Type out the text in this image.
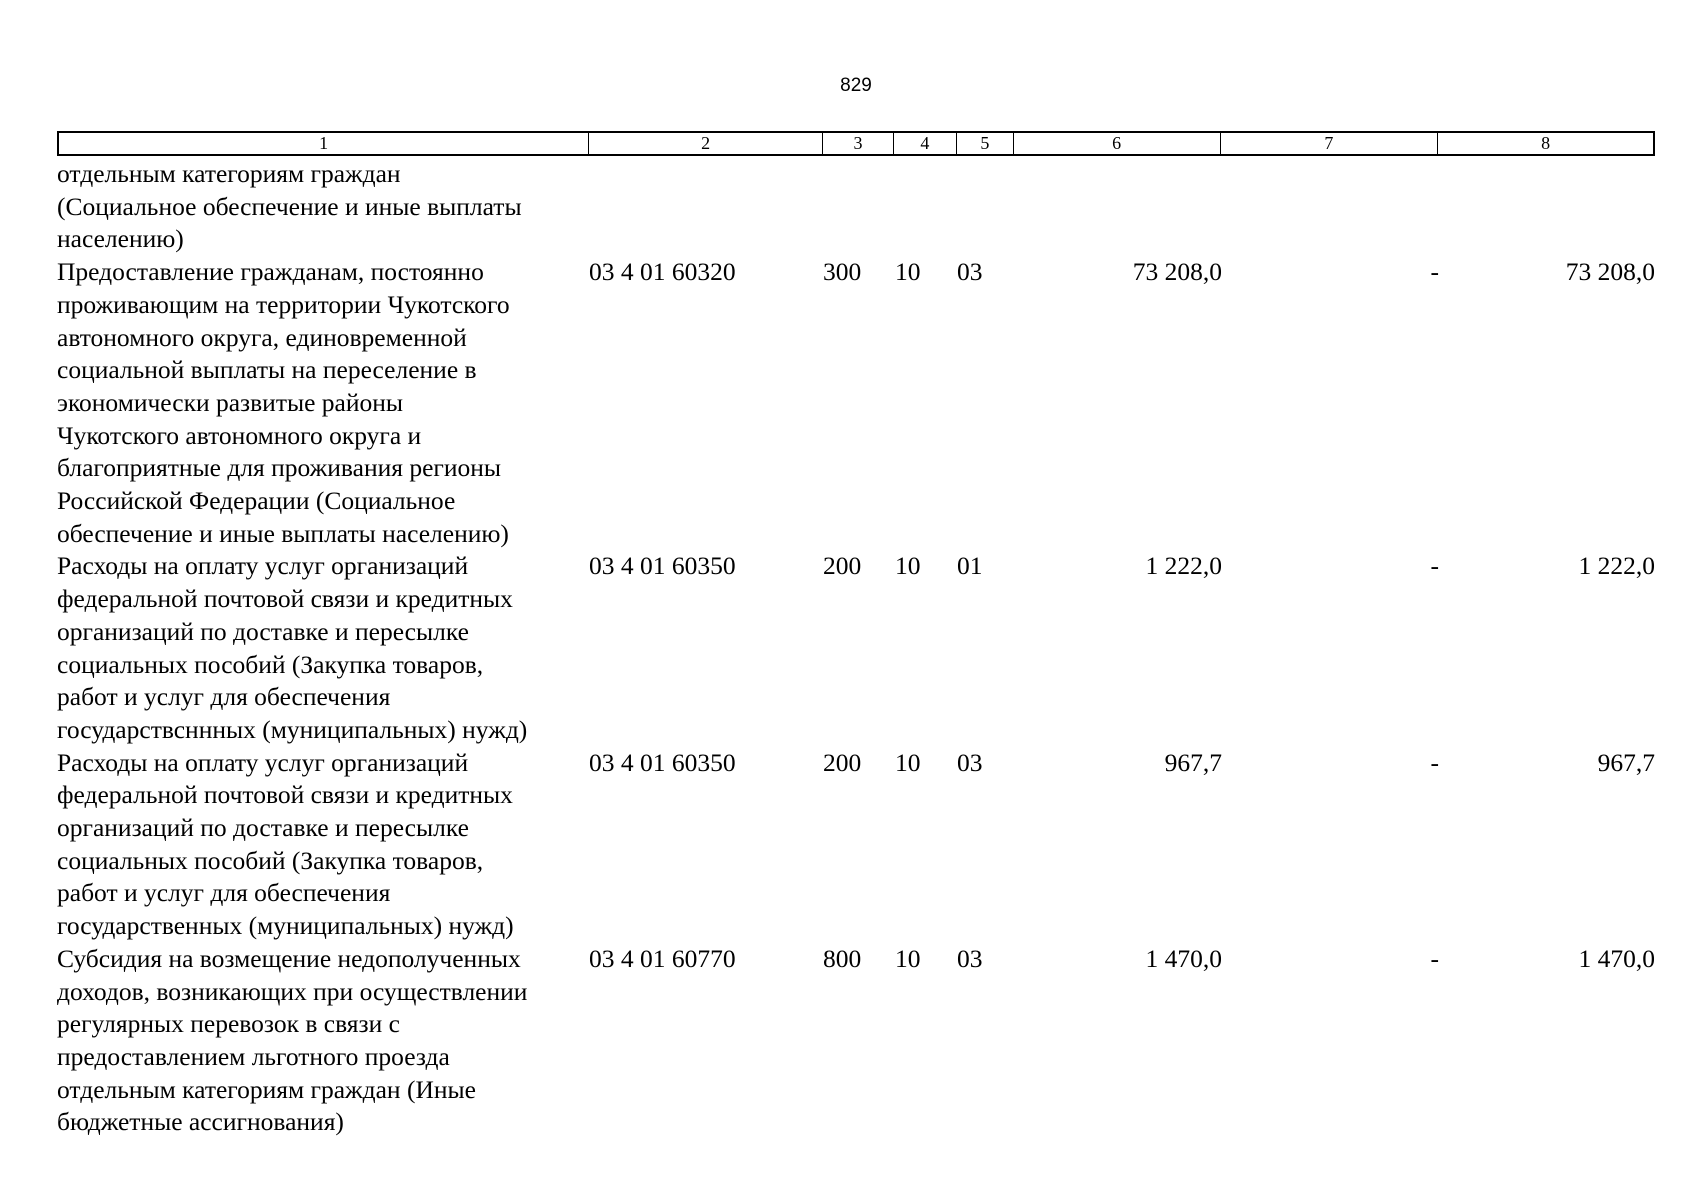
829
1	2	3	4	5	6	7	8
отдельным категориям граждан
(Социальное обеспечение и иные выплаты
населению)
Предоставление гражданам, постоянно
проживающим на территории Чукотского
автономного округа, единовременной
социальной выплаты на переселение в
экономически развитые районы
Чукотского автономного округа и
благоприятные для проживания регионы
Российской Федерации (Социальное
обеспечение и иные выплаты населению)
03 4 01 60320	300 10 03	73 208,0	-	73 208,0
Расходы на оплату услуг организаций
федеральной почтовой связи и кредитных
организаций по доставке и пересылке
социальных пособий (Закупка товаров,
работ и услуг для обеспечения
государствсннных (муниципальных) нужд)
03 4 01 60350	200 10 01	1 222,0	-	1 222,0
Расходы на оплату услуг организаций
федеральной почтовой связи и кредитных
организаций по доставке и пересылке
социальных пособий (Закупка товаров,
работ и услуг для обеспечения
государственных (муниципальных) нужд)
03 4 01 60350	200 10 03	967,7	-	967,7
Субсидия на возмещение недополученных
доходов, возникающих при осуществлении
регулярных перевозок в связи с
предоставлением льготного проезда
отдельным категориям граждан (Иные
бюджетные ассигнования)
03 4 01 60770	800 10 03	1 470,0	-	1 470,0
